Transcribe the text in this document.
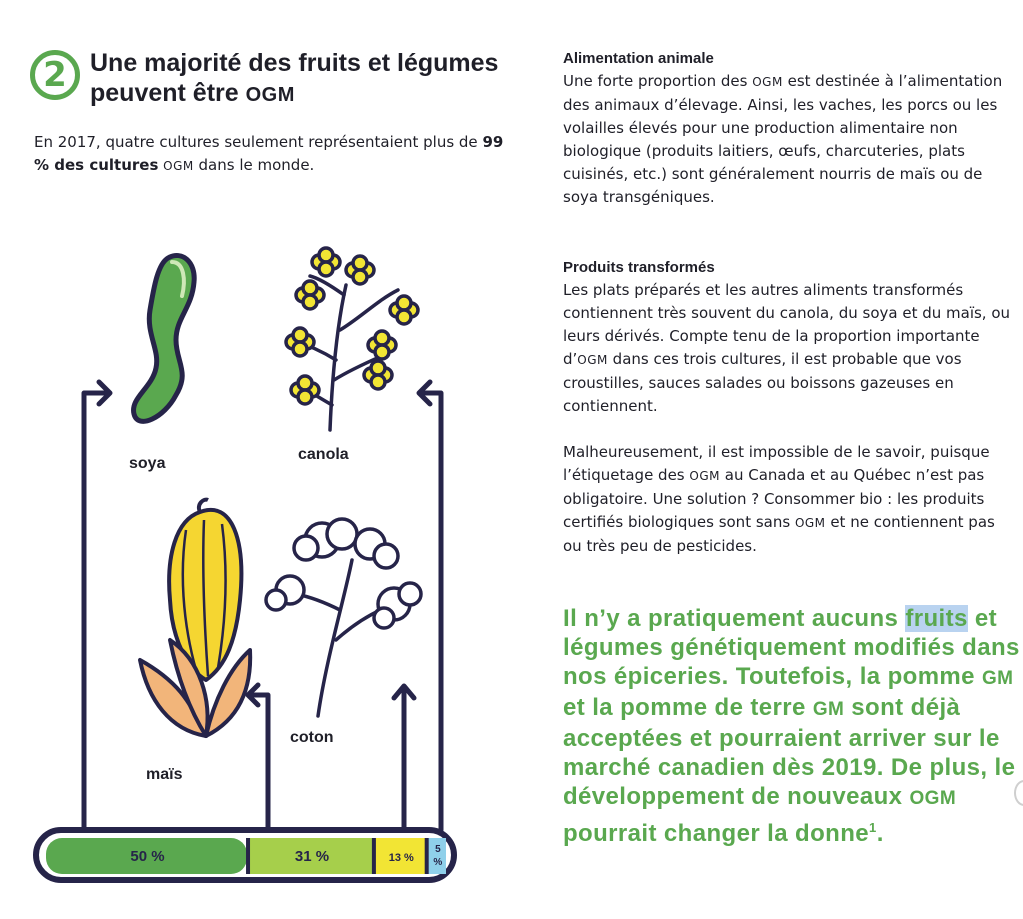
2 Une majorité des fruits et légumes peuvent être OGM

En 2017, quatre cultures seulement représentaient plus de 99 % des cultures OGM dans le monde.

Alimentation animale

Une forte proportion des OGM est destinée à l’alimentation des animaux d’élevage. Ainsi, les vaches, les porcs ou les volailles élevés pour une production alimentaire non biologique (produits laitiers, œufs, charcuteries, plats cuisinés, etc.) sont généralement nourris de maïs ou de soya transgéniques.

Produits transformés

Les plats préparés et les autres aliments transformés contiennent très souvent du canola, du soya et du maïs, ou leurs dérivés. Compte tenu de la proportion importante d’OGM dans ces trois cultures, il est probable que vos croustilles, sauces salades ou boissons gazeuses en contiennent.

Malheureusement, il est impossible de le savoir, puisque l’étiquetage des OGM au Canada et au Québec n’est pas obligatoire. Une solution ? Consommer bio : les produits certifiés biologiques sont sans OGM et ne contiennent pas ou très peu de pesticides.

Il n’y a pratiquement aucuns fruits et légumes génétiquement modifiés dans nos épiceries. Toutefois, la pomme GM et la pomme de terre GM sont déjà acceptées et pourraient arriver sur le marché canadien dès 2019. De plus, le développement de nouveaux OGM pourrait changer la donne$^1$.

50 %	31 %	13 %
5
%
soya
canola
maïs
coton
